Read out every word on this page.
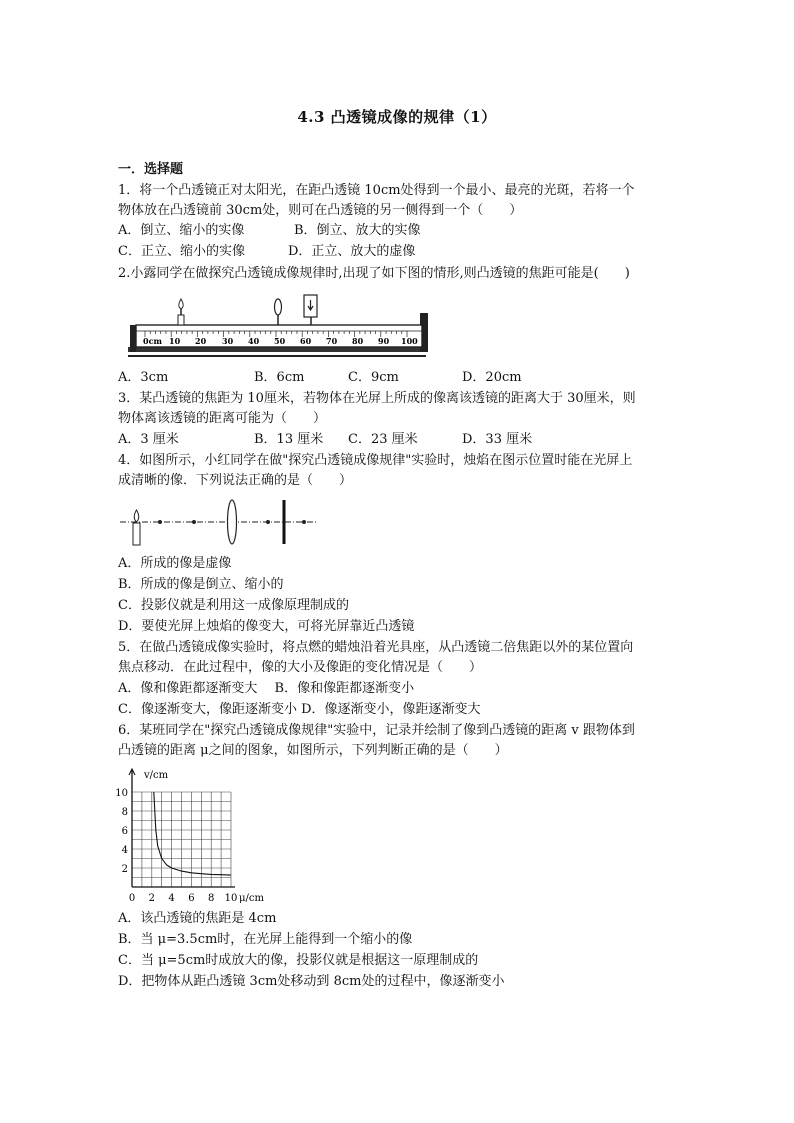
4.3 凸透镜成像的规律（1）
一．选择题
1．将一个凸透镜正对太阳光，在距凸透镜 10cm处得到一个最小、最亮的光斑，若将一个
物体放在凸透镜前 30cm处，则可在凸透镜的另一侧得到一个（　　）
A．倒立、缩小的实像	B．倒立、放大的实像
C．正立、缩小的实像	D．正立、放大的虚像
2.小露同学在做探究凸透镜成像规律时,出现了如下图的情形,则凸透镜的焦距可能是(　　)
0cm 10 20 30 40 50 60 70 80 90 100
A．3cm	B．6cm	C．9cm	D．20cm
3．某凸透镜的焦距为 10厘米，若物体在光屏上所成的像离该透镜的距离大于 30厘米，则
物体离该透镜的距离可能为（　　）
A．3 厘米	B．13 厘米 C．23 厘米	D．33 厘米
4．如图所示，小红同学在做"探究凸透镜成像规律"实验时，烛焰在图示位置时能在光屏上
成清晰的像．下列说法正确的是（　　）
A．所成的像是虚像
B．所成的像是倒立、缩小的
C．投影仪就是利用这一成像原理制成的
D．要使光屏上烛焰的像变大，可将光屏靠近凸透镜
5．在做凸透镜成像实验时，将点燃的蜡烛沿着光具座，从凸透镜二倍焦距以外的某位置向
焦点移动．在此过程中，像的大小及像距的变化情况是（　　）
A．像和像距都逐渐变大　 B．像和像距都逐渐变小
C．像逐渐变大，像距逐渐变小 D．像逐渐变小，像距逐渐变大
6．某班同学在"探究凸透镜成像规律"实验中，记录并绘制了像到凸透镜的距离 v 跟物体到
凸透镜的距离 μ之间的图象，如图所示，下列判断正确的是（　　）
v/cm
2
4
6
8
10
0 2 4 6 8 10 μ/cm
A．该凸透镜的焦距是 4cm
B．当 μ=3.5cm时，在光屏上能得到一个缩小的像
C．当 μ=5cm时成放大的像，投影仪就是根据这一原理制成的
D．把物体从距凸透镜 3cm处移动到 8cm处的过程中，像逐渐变小
